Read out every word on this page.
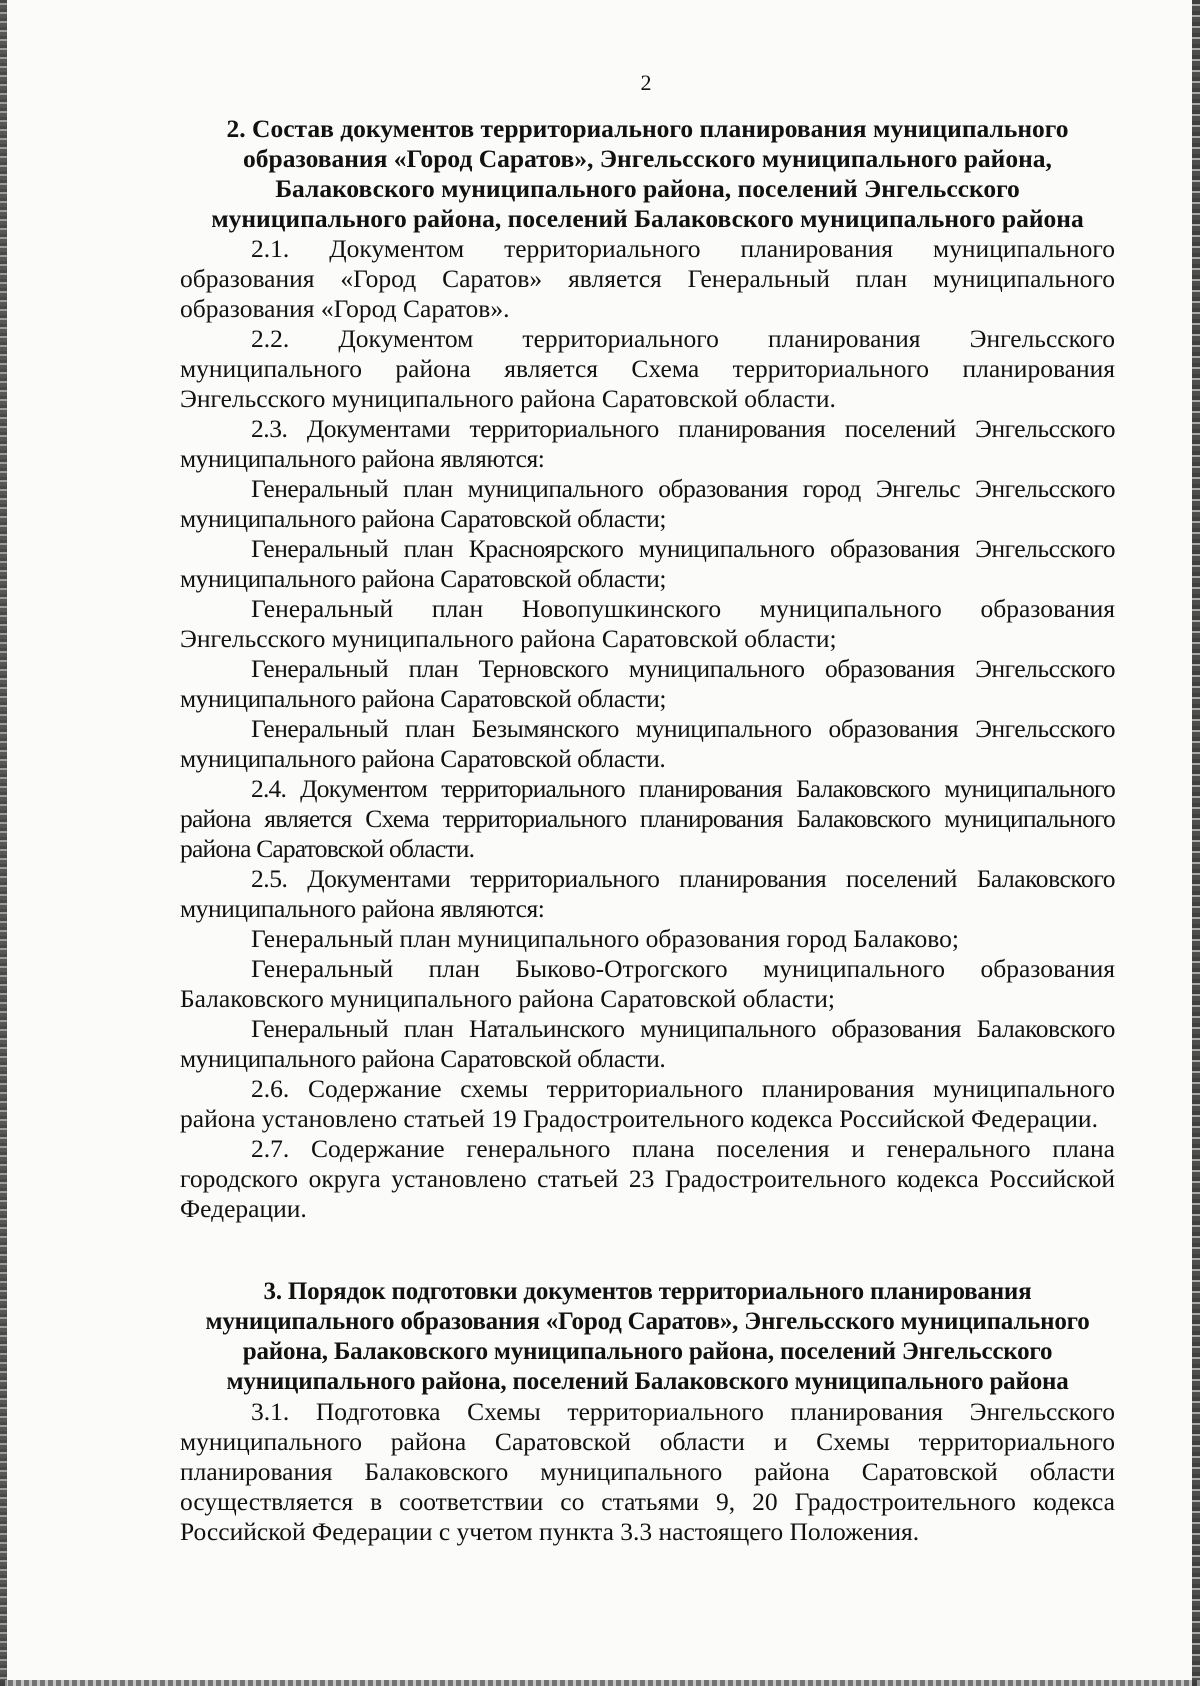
2

2. Состав документов территориального планирования муниципального образования «Город Саратов», Энгельсского муниципального района, Балаковского муниципального района, поселений Энгельсского муниципального района, поселений Балаковского муниципального района

2.1. Документом территориального планирования муниципального образования «Город Саратов» является Генеральный план муниципального образования «Город Саратов».

2.2. Документом территориального планирования Энгельсского муниципального района является Схема территориального планирования Энгельсского муниципального района Саратовской области.

2.3. Документами территориального планирования поселений Энгельсского муниципального района являются:

Генеральный план муниципального образования город Энгельс Энгельсского муниципального района Саратовской области;

Генеральный план Красноярского муниципального образования Энгельсского муниципального района Саратовской области;

Генеральный план Новопушкинского муниципального образования Энгельсского муниципального района Саратовской области;

Генеральный план Терновского муниципального образования Энгельсского муниципального района Саратовской области;

Генеральный план Безымянского муниципального образования Энгельсского муниципального района Саратовской области.

2.4. Документом территориального планирования Балаковского муниципального района является Схема территориального планирования Балаковского муниципального района Саратовской области.

2.5. Документами территориального планирования поселений Балаковского муниципального района являются:

Генеральный план муниципального образования город Балаково;

Генеральный план Быково-Отрогского муниципального образования Балаковского муниципального района Саратовской области;

Генеральный план Натальинского муниципального образования Балаковского муниципального района Саратовской области.

2.6. Содержание схемы территориального планирования муниципального района установлено статьей 19 Градостроительного кодекса Российской Федерации.

2.7. Содержание генерального плана поселения и генерального плана городского округа установлено статьей 23 Градостроительного кодекса Российской Федерации.

3. Порядок подготовки документов территориального планирования муниципального образования «Город Саратов», Энгельсского муниципального района, Балаковского муниципального района, поселений Энгельсского муниципального района, поселений Балаковского муниципального района

3.1. Подготовка Схемы территориального планирования Энгельсского муниципального района Саратовской области и Схемы территориального планирования Балаковского муниципального района Саратовской области осуществляется в соответствии со статьями 9, 20 Градостроительного кодекса Российской Федерации с учетом пункта 3.3 настоящего Положения.
